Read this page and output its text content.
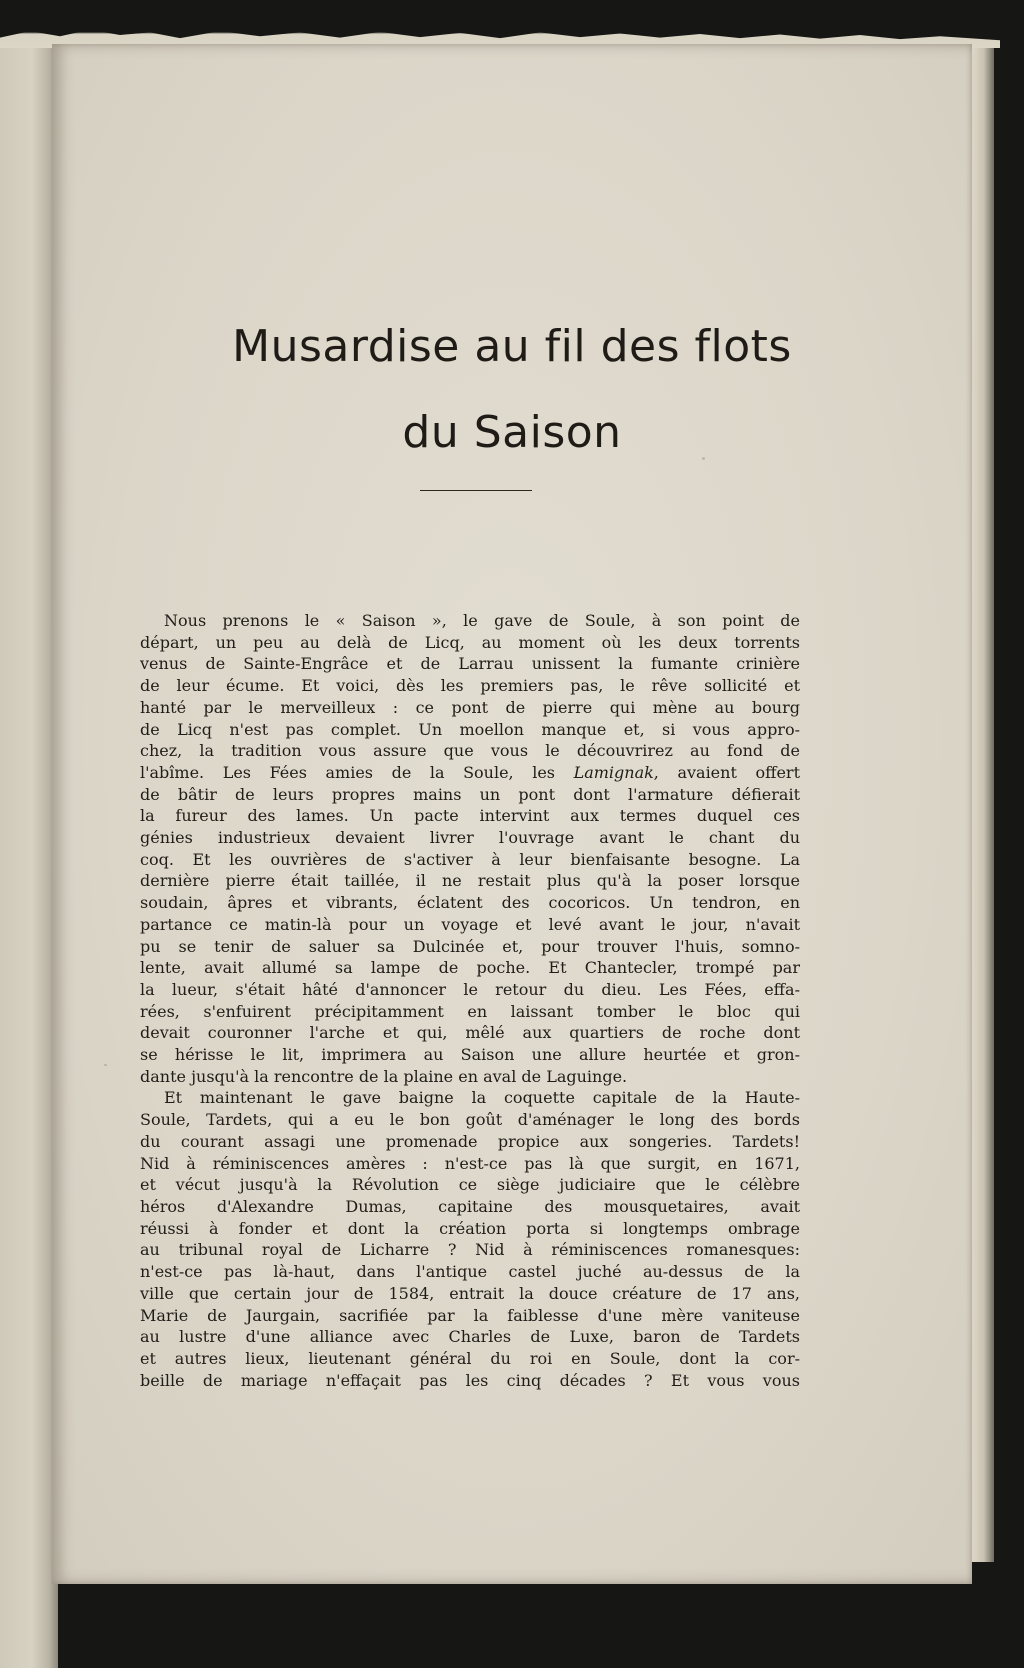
Musardise au fil des flots
du Saison
Nous prenons le « Saison », le gave de Soule, à son point de
départ, un peu au delà de Licq, au moment où les deux torrents
venus de Sainte-Engrâce et de Larrau unissent la fumante crinière
de leur écume. Et voici, dès les premiers pas, le rêve sollicité et
hanté par le merveilleux : ce pont de pierre qui mène au bourg
de Licq n'est pas complet. Un moellon manque et, si vous appro-
chez, la tradition vous assure que vous le découvrirez au fond de
l'abîme. Les Fées amies de la Soule, les Lamignak, avaient offert
de bâtir de leurs propres mains un pont dont l'armature défierait
la fureur des lames. Un pacte intervint aux termes duquel ces
génies industrieux devaient livrer l'ouvrage avant le chant du
coq. Et les ouvrières de s'activer à leur bienfaisante besogne. La
dernière pierre était taillée, il ne restait plus qu'à la poser lorsque
soudain, âpres et vibrants, éclatent des cocoricos. Un tendron, en
partance ce matin-là pour un voyage et levé avant le jour, n'avait
pu se tenir de saluer sa Dulcinée et, pour trouver l'huis, somno-
lente, avait allumé sa lampe de poche. Et Chantecler, trompé par
la lueur, s'était hâté d'annoncer le retour du dieu. Les Fées, effa-
rées, s'enfuirent précipitamment en laissant tomber le bloc qui
devait couronner l'arche et qui, mêlé aux quartiers de roche dont
se hérisse le lit, imprimera au Saison une allure heurtée et gron-
dante jusqu'à la rencontre de la plaine en aval de Laguinge.
Et maintenant le gave baigne la coquette capitale de la Haute-
Soule, Tardets, qui a eu le bon goût d'aménager le long des bords
du courant assagi une promenade propice aux songeries. Tardets!
Nid à réminiscences amères : n'est-ce pas là que surgit, en 1671,
et vécut jusqu'à la Révolution ce siège judiciaire que le célèbre
héros d'Alexandre Dumas, capitaine des mousquetaires, avait
réussi à fonder et dont la création porta si longtemps ombrage
au tribunal royal de Licharre ? Nid à réminiscences romanesques:
n'est-ce pas là-haut, dans l'antique castel juché au-dessus de la
ville que certain jour de 1584, entrait la douce créature de 17 ans,
Marie de Jaurgain, sacrifiée par la faiblesse d'une mère vaniteuse
au lustre d'une alliance avec Charles de Luxe, baron de Tardets
et autres lieux, lieutenant général du roi en Soule, dont la cor-
beille de mariage n'effaçait pas les cinq décades ? Et vous vous
